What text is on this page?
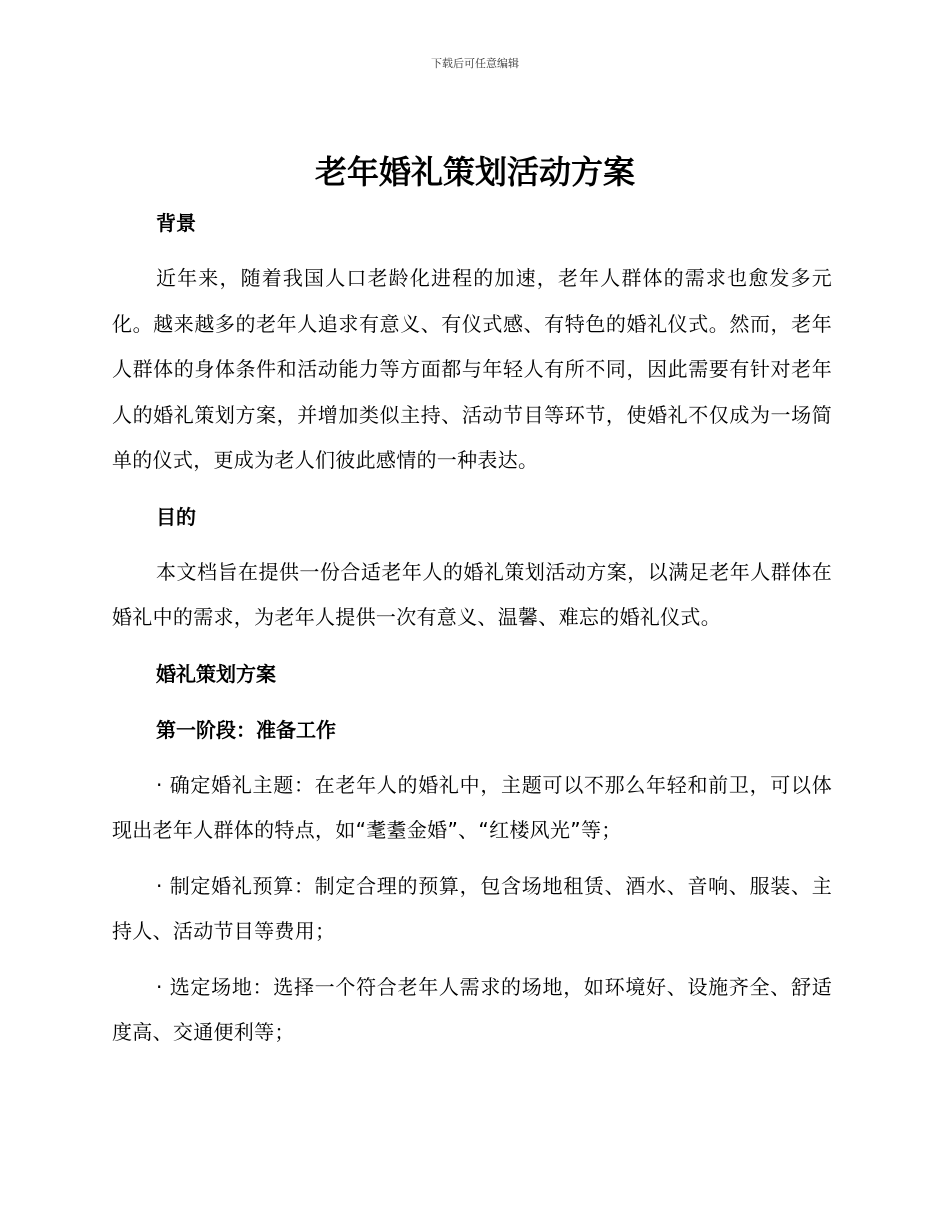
下载后可任意编辑
老年婚礼策划活动方案

背景

近年来，随着我国人口老龄化进程的加速，老年人群体的需求也愈发多元化。越来越多的老年人追求有意义、有仪式感、有特色的婚礼仪式。然而，老年人群体的身体条件和活动能力等方面都与年轻人有所不同，因此需要有针对老年人的婚礼策划方案，并增加类似主持、活动节目等环节，使婚礼不仅成为一场简单的仪式，更成为老人们彼此感情的一种表达。

目的

本文档旨在提供一份合适老年人的婚礼策划活动方案，以满足老年人群体在婚礼中的需求，为老年人提供一次有意义、温馨、难忘的婚礼仪式。

婚礼策划方案

第一阶段：准备工作

· 确定婚礼主题：在老年人的婚礼中，主题可以不那么年轻和前卫，可以体现出老年人群体的特点，如“耄耋金婚”、“红楼风光”等；

· 制定婚礼预算：制定合理的预算，包含场地租赁、酒水、音响、服装、主持人、活动节目等费用；

· 选定场地：选择一个符合老年人需求的场地，如环境好、设施齐全、舒适度高、交通便利等；
